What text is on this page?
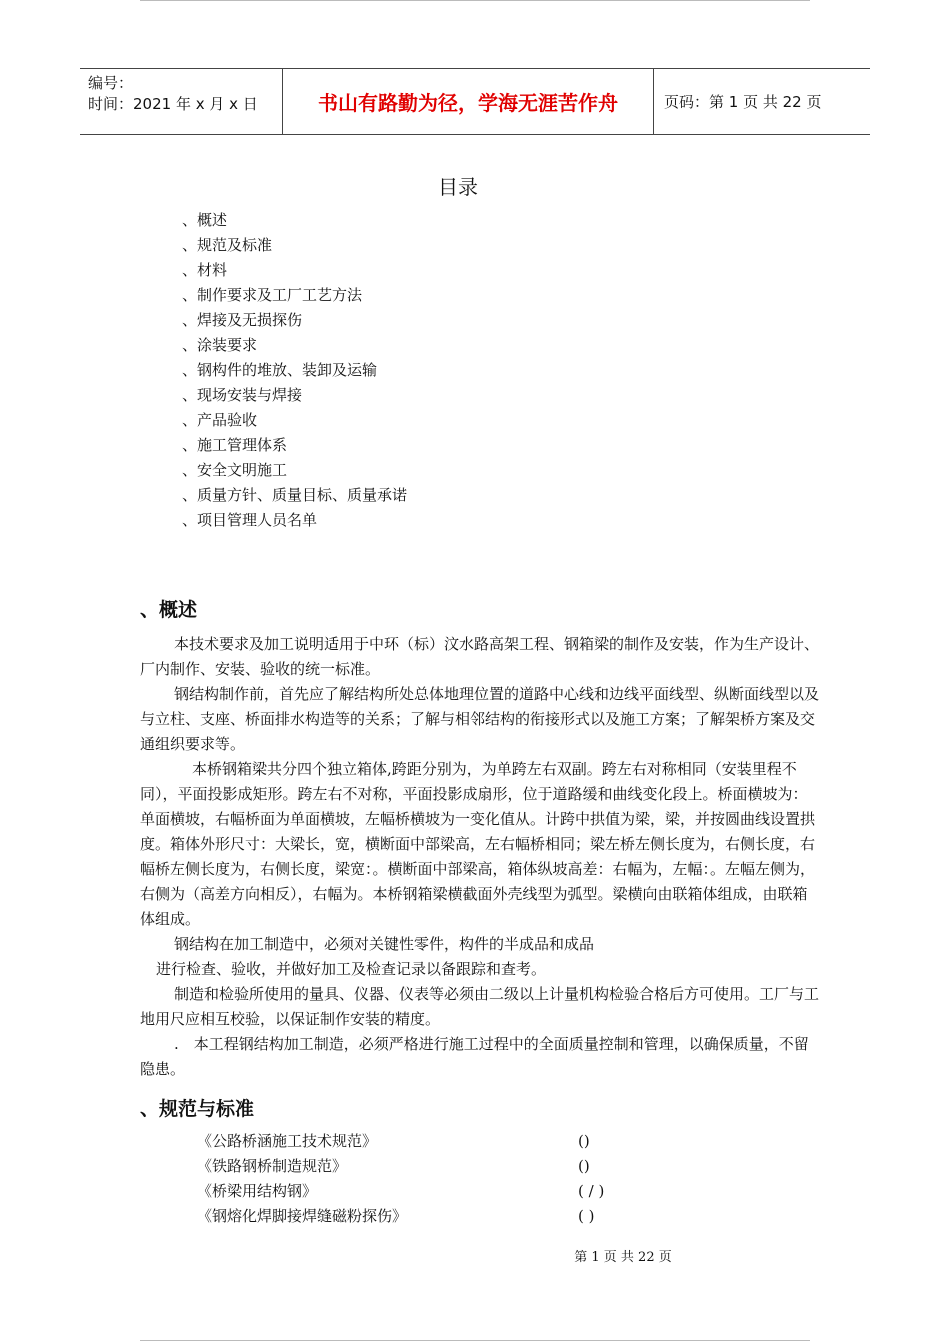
编号：
时间：2021 年 x 月 x 日	书山有路勤为径，学海无涯苦作舟	页码：第 1 页 共 22 页
目录
、概述
、规范及标准
、材料
、制作要求及工厂工艺方法
、焊接及无损探伤
、涂装要求
、钢构件的堆放、装卸及运输
、现场安装与焊接
、产品验收
、施工管理体系
、安全文明施工
、质量方针、质量目标、质量承诺
、项目管理人员名单
、概述

本技术要求及加工说明适用于中环（标）汶水路高架工程、钢箱梁的制作及安装，作为生产设计、厂内制作、安装、验收的统一标准。

钢结构制作前，首先应了解结构所处总体地理位置的道路中心线和边线平面线型、纵断面线型以及与立柱、支座、桥面排水构造等的关系；了解与相邻结构的衔接形式以及施工方案；了解架桥方案及交通组织要求等。

本桥钢箱梁共分四个独立箱体,跨距分别为，为单跨左右双副。跨左右对称相同（安装里程不同），平面投影成矩形。跨左右不对称，平面投影成扇形，位于道路缓和曲线变化段上。桥面横坡为：单面横坡，右幅桥面为单面横坡，左幅桥横坡为一变化值从。计跨中拱值为梁，梁，并按圆曲线设置拱度。箱体外形尺寸：大梁长，宽，横断面中部梁高，左右幅桥相同；梁左桥左侧长度为，右侧长度，右幅桥左侧长度为，右侧长度，梁宽：。横断面中部梁高，箱体纵坡高差：右幅为，左幅：。左幅左侧为，右侧为（高差方向相反），右幅为。本桥钢箱梁横截面外壳线型为弧型。梁横向由联箱体组成，由联箱体组成。

钢结构在加工制造中，必须对关键性零件，构件的半成品和成品

进行检查、验收，并做好加工及检查记录以备跟踪和查考。

制造和检验所使用的量具、仪器、仪表等必须由二级以上计量机构检验合格后方可使用。工厂与工地用尺应相互校验，以保证制作安装的精度。

.　本工程钢结构加工制造，必须严格进行施工过程中的全面质量控制和管理，以确保质量，不留隐患。

、规范与标准
《公路桥涵施工技术规范》	()
《铁路钢桥制造规范》	()
《桥梁用结构钢》	( / )
《钢熔化焊脚接焊缝磁粉探伤》	( )
第 1 页 共 22 页
